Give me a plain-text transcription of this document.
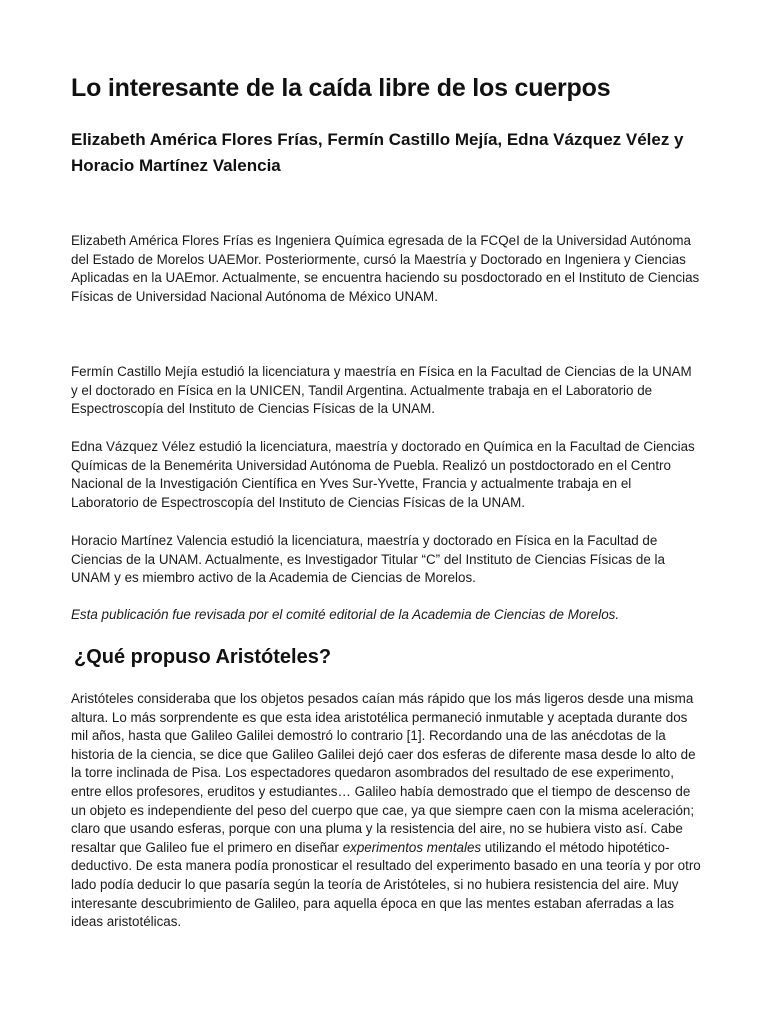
Lo interesante de la caída libre de los cuerpos
Elizabeth América Flores Frías, Fermín Castillo Mejía, Edna Vázquez Vélez y Horacio Martínez Valencia

Elizabeth América Flores Frías es Ingeniera Química egresada de la FCQeI de la Universidad Autónoma del Estado de Morelos UAEMor. Posteriormente, cursó la Maestría y Doctorado en Ingeniera y Ciencias Aplicadas en la UAEmor. Actualmente, se encuentra haciendo su posdoctorado en el Instituto de Ciencias Físicas de Universidad Nacional Autónoma de México UNAM.

Fermín Castillo Mejía estudió la licenciatura y maestría en Física en la Facultad de Ciencias de la UNAM y el doctorado en Física en la UNICEN, Tandil Argentina. Actualmente trabaja en el Laboratorio de Espectroscopía del Instituto de Ciencias Físicas de la UNAM.

Edna Vázquez Vélez estudió la licenciatura, maestría y doctorado en Química en la Facultad de Ciencias Químicas de la Benemérita Universidad Autónoma de Puebla. Realizó un postdoctorado en el Centro Nacional de la Investigación Científica en Yves Sur-Yvette, Francia y actualmente trabaja en el Laboratorio de Espectroscopía del Instituto de Ciencias Físicas de la UNAM.

Horacio Martínez Valencia estudió la licenciatura, maestría y doctorado en Física en la Facultad de Ciencias de la UNAM. Actualmente, es Investigador Titular “C” del Instituto de Ciencias Físicas de la UNAM y es miembro activo de la Academia de Ciencias de Morelos.

Esta publicación fue revisada por el comité editorial de la Academia de Ciencias de Morelos.

¿Qué propuso Aristóteles?

Aristóteles consideraba que los objetos pesados caían más rápido que los más ligeros desde una misma altura. Lo más sorprendente es que esta idea aristotélica permaneció inmutable y aceptada durante dos mil años, hasta que Galileo Galilei demostró lo contrario [1]. Recordando una de las anécdotas de la historia de la ciencia, se dice que Galileo Galilei dejó caer dos esferas de diferente masa desde lo alto de la torre inclinada de Pisa. Los espectadores quedaron asombrados del resultado de ese experimento, entre ellos profesores, eruditos y estudiantes… Galileo había demostrado que el tiempo de descenso de un objeto es independiente del peso del cuerpo que cae, ya que siempre caen con la misma aceleración; claro que usando esferas, porque con una pluma y la resistencia del aire, no se hubiera visto así. Cabe resaltar que Galileo fue el primero en diseñar experimentos mentales utilizando el método hipotético-deductivo. De esta manera podía pronosticar el resultado del experimento basado en una teoría y por otro lado podía deducir lo que pasaría según la teoría de Aristóteles, si no hubiera resistencia del aire. Muy interesante descubrimiento de Galileo, para aquella época en que las mentes estaban aferradas a las ideas aristotélicas.
